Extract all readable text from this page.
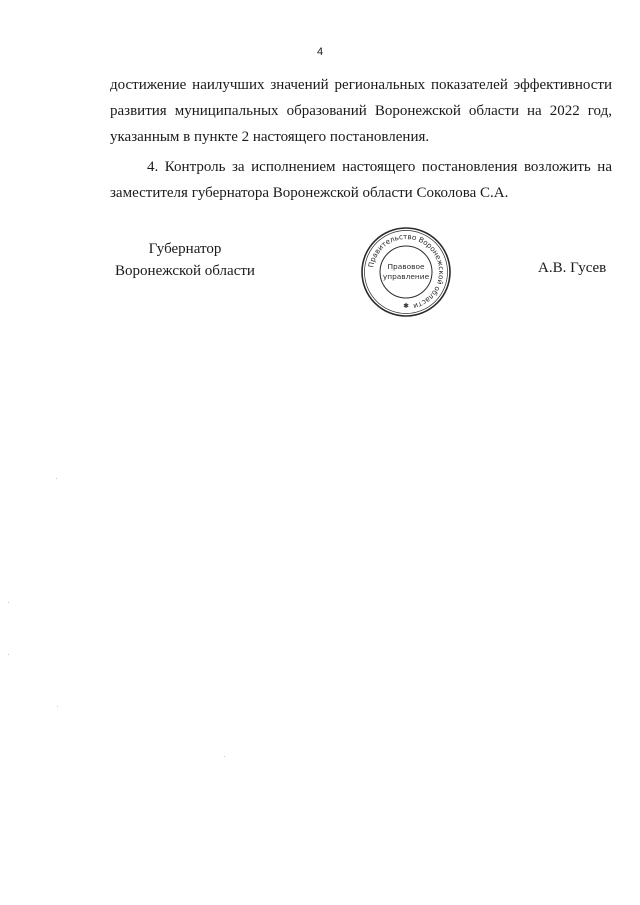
4
достижение наилучших значений региональных показателей эффективности
развития муниципальных образований Воронежской области на 2022 год,
указанным в пункте 2 настоящего постановления.
4. Контроль за исполнением настоящего постановления возложить на
заместителя губернатора Воронежской области Соколова С.А.
Губернатор
Воронежской области	Правительство Воронежской области
Правовое
управление
✱
А.В. Гусев
